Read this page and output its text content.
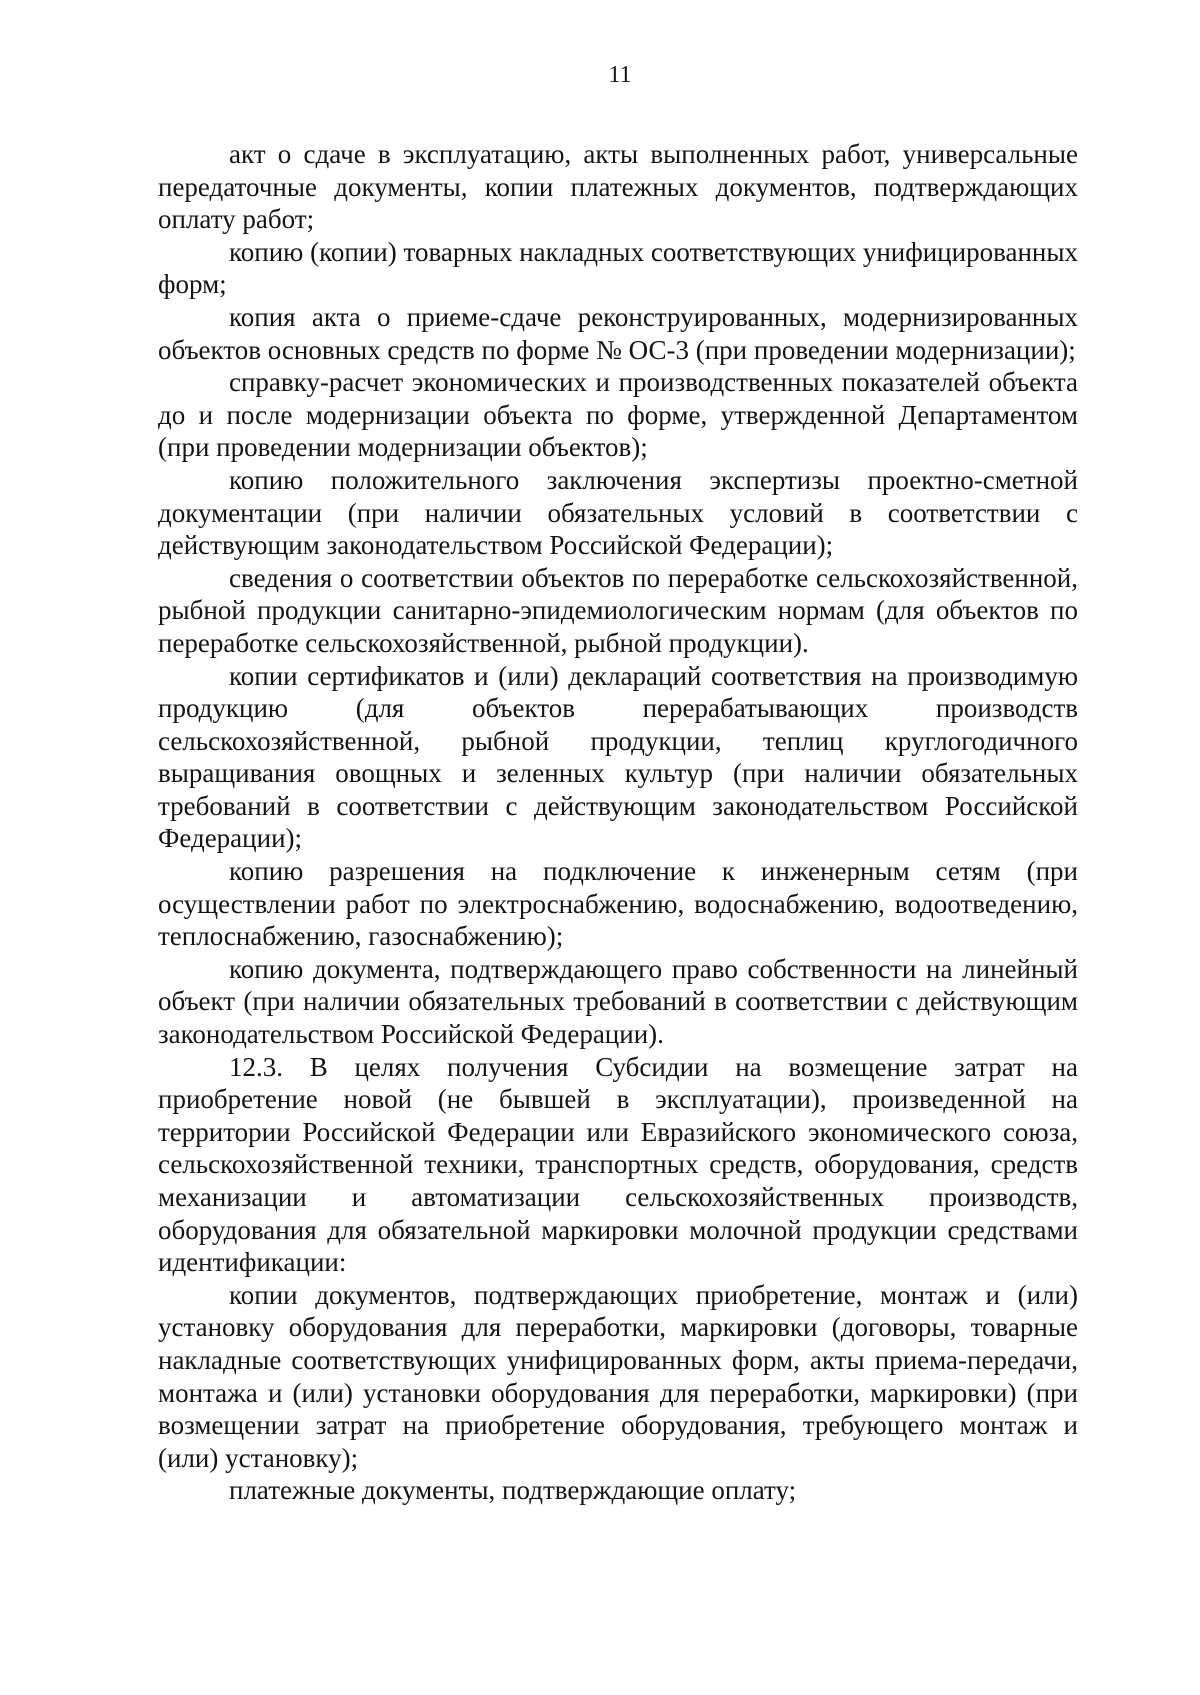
11

акт о сдаче в эксплуатацию, акты выполненных работ, универсальные передаточные документы, копии платежных документов, подтверждающих оплату работ;

копию (копии) товарных накладных соответствующих унифицированных форм;

копия акта о приеме-сдаче реконструированных, модернизированных объектов основных средств по форме № ОС-3 (при проведении модернизации);

справку-расчет экономических и производственных показателей объекта до и после модернизации объекта по форме, утвержденной Департаментом (при проведении модернизации объектов);

копию положительного заключения экспертизы проектно-сметной документации (при наличии обязательных условий в соответствии с действующим законодательством Российской Федерации);

сведения о соответствии объектов по переработке сельскохозяйственной, рыбной продукции санитарно-эпидемиологическим нормам (для объектов по переработке сельскохозяйственной, рыбной продукции).

копии сертификатов и (или) деклараций соответствия на производимую продукцию (для объектов перерабатывающих производств сельскохозяйственной, рыбной продукции, теплиц круглогодичного выращивания овощных и зеленных культур (при наличии обязательных требований в соответствии с действующим законодательством Российской Федерации);

копию разрешения на подключение к инженерным сетям (при осуществлении работ по электроснабжению, водоснабжению, водоотведению, теплоснабжению, газоснабжению);

копию документа, подтверждающего право собственности на линейный объект (при наличии обязательных требований в соответствии с действующим законодательством Российской Федерации).

12.3. В целях получения Субсидии на возмещение затрат на приобретение новой (не бывшей в эксплуатации), произведенной на территории Российской Федерации или Евразийского экономического союза, сельскохозяйственной техники, транспортных средств, оборудования, средств механизации и автоматизации сельскохозяйственных производств, оборудования для обязательной маркировки молочной продукции средствами идентификации:

копии документов, подтверждающих приобретение, монтаж и (или) установку оборудования для переработки, маркировки (договоры, товарные накладные соответствующих унифицированных форм, акты приема-передачи, монтажа и (или) установки оборудования для переработки, маркировки) (при возмещении затрат на приобретение оборудования, требующего монтаж и (или) установку);

платежные документы, подтверждающие оплату;
